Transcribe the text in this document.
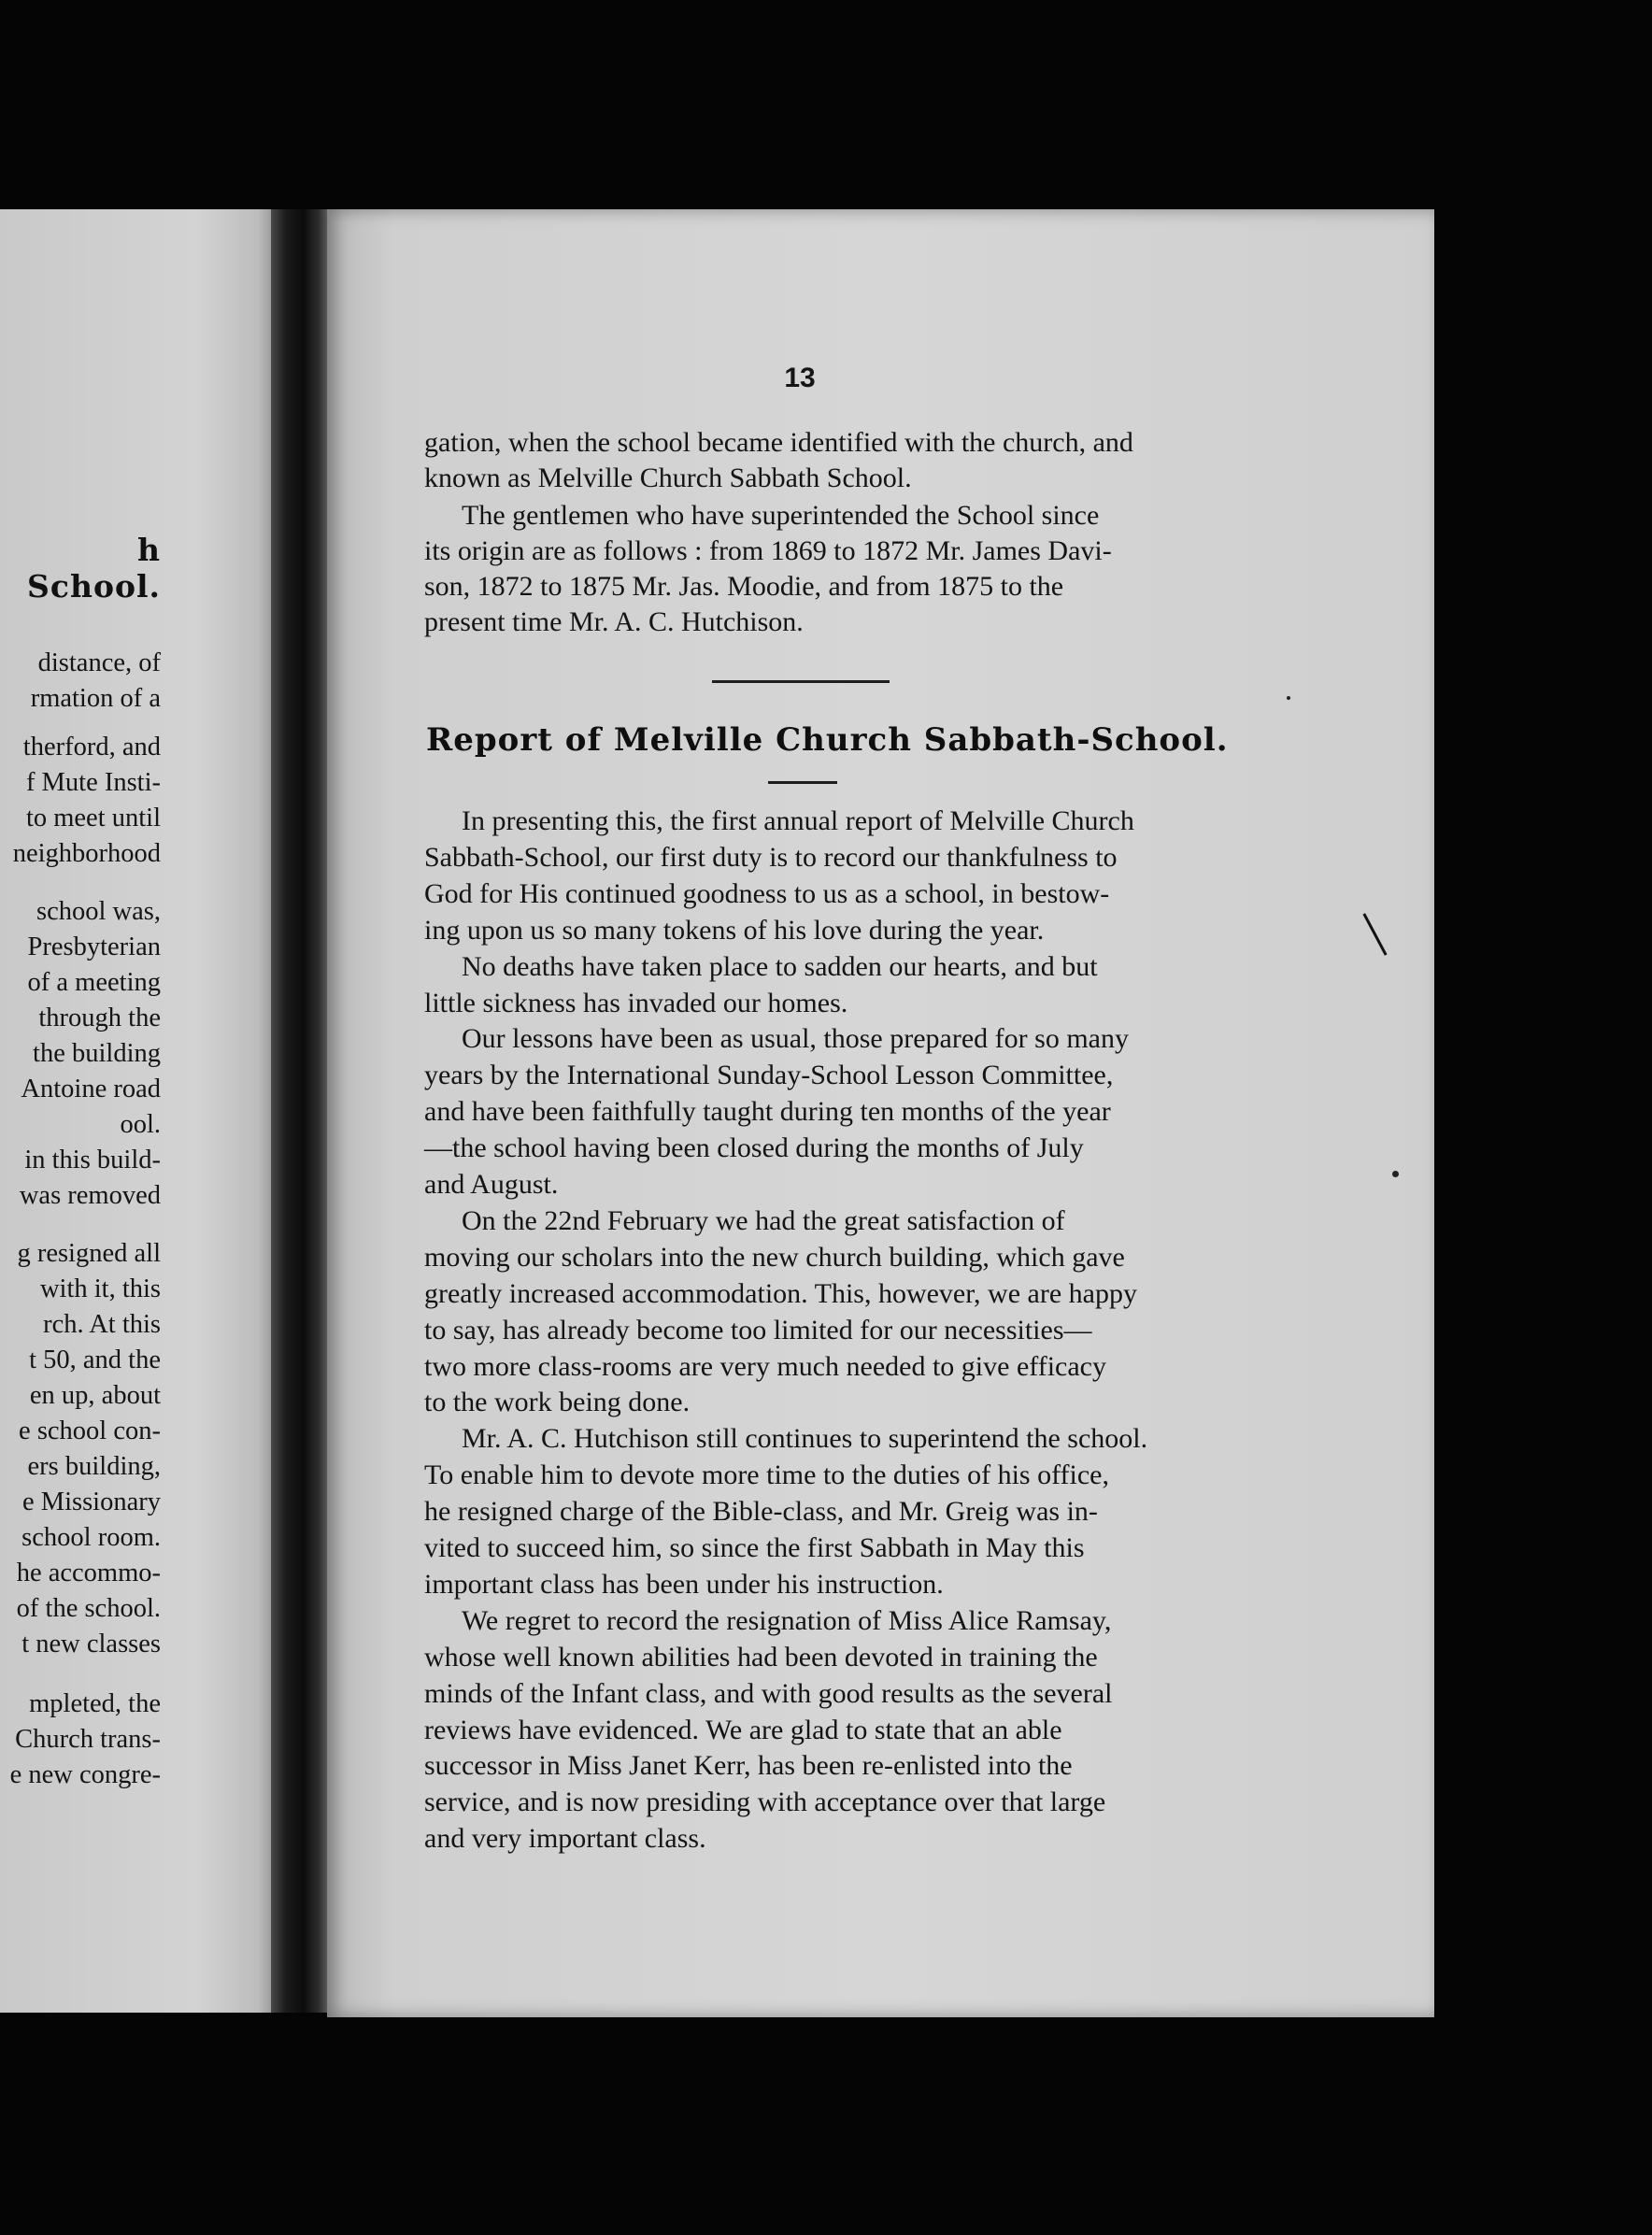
h School.
distance, of
rmation of a
therford, and
f Mute Insti-
to meet until
neighborhood
school was,
Presbyterian
of a meeting
through the
the building
Antoine road
ool.
in this build-
was removed
g resigned all
with it, this
rch. At this
t 50, and the
en up, about
e school con-
ers building,
e Missionary
school room.
he accommo-
of the school.
t new classes
mpleted, the
Church trans-
e new congre-
13
gation, when the school became identified with the church, and
known as Melville Church Sabbath School.
The gentlemen who have superintended the School since
its origin are as follows : from 1869 to 1872 Mr. James Davi-
son, 1872 to 1875 Mr. Jas. Moodie, and from 1875 to the
present time Mr. A. C. Hutchison.
Report of Melville Church Sabbath-School.
In presenting this, the first annual report of Melville Church
Sabbath-School, our first duty is to record our thankfulness to
God for His continued goodness to us as a school, in bestow-
ing upon us so many tokens of his love during the year.
No deaths have taken place to sadden our hearts, and but
little sickness has invaded our homes.
Our lessons have been as usual, those prepared for so many
years by the International Sunday-School Lesson Committee,
and have been faithfully taught during ten months of the year
—the school having been closed during the months of July
and August.
On the 22nd February we had the great satisfaction of
moving our scholars into the new church building, which gave
greatly increased accommodation. This, however, we are happy
to say, has already become too limited for our necessities—
two more class-rooms are very much needed to give efficacy
to the work being done.
Mr. A. C. Hutchison still continues to superintend the school.
To enable him to devote more time to the duties of his office,
he resigned charge of the Bible-class, and Mr. Greig was in-
vited to succeed him, so since the first Sabbath in May this
important class has been under his instruction.
We regret to record the resignation of Miss Alice Ramsay,
whose well known abilities had been devoted in training the
minds of the Infant class, and with good results as the several
reviews have evidenced. We are glad to state that an able
successor in Miss Janet Kerr, has been re-enlisted into the
service, and is now presiding with acceptance over that large
and very important class.
